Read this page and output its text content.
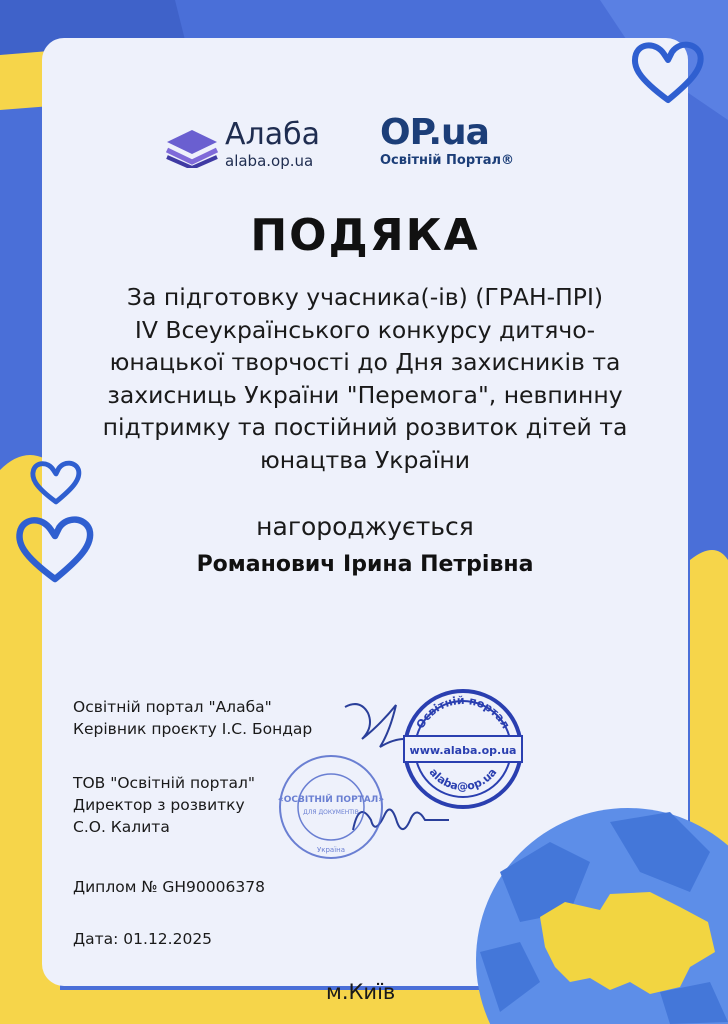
Алаба
alaba.op.ua
OP.ua
Освітній Портал®
ПОДЯКА
За підготовку учасника(-ів) (ГРАН-ПРІ)
IV Всеукраїнського конкурсу дитячо-
юнацької творчості до Дня захисників та
захисниць України "Перемога", невпинну
підтримку та постійний розвиток дітей та
юнацтва України
нагороджується
Романович Ірина Петрівна
Освітній портал "Алаба"
Керівник проєкту І.С. Бондар
ТОВ "Освітній портал"
Директор з розвитку
С.О. Калита
Освітній портал
www.alaba.op.ua
alaba@op.ua
«ОСВІТНІЙ ПОРТАЛ»
ДЛЯ ДОКУМЕНТІВ
Україна
Диплом № GH90006378
Дата: 01.12.2025
м.Київ
